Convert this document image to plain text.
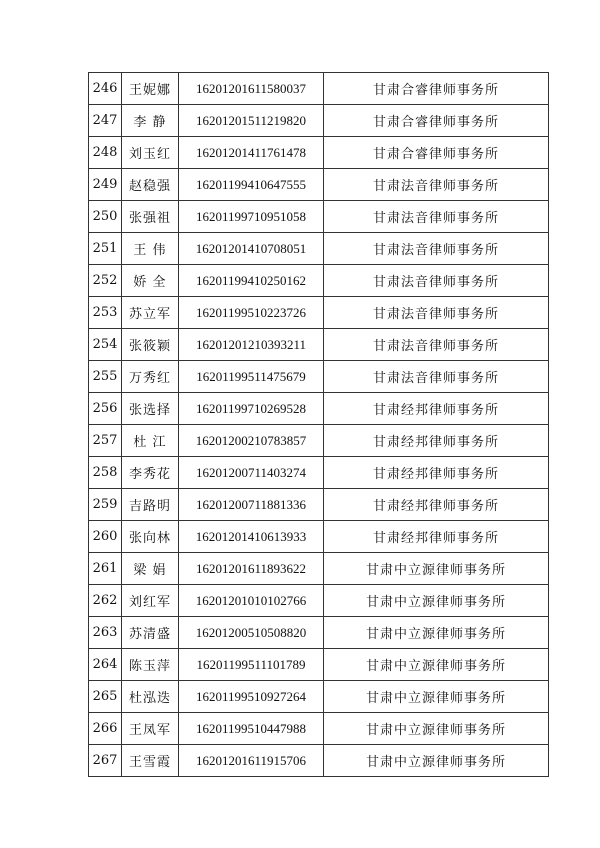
246	王妮娜	16201201611580037	甘肃合睿律师事务所
247	李 静	16201201511219820	甘肃合睿律师事务所
248	刘玉红	16201201411761478	甘肃合睿律师事务所
249	赵稳强	16201199410647555	甘肃法音律师事务所
250	张强祖	16201199710951058	甘肃法音律师事务所
251	王 伟	16201201410708051	甘肃法音律师事务所
252	娇 全	16201199410250162	甘肃法音律师事务所
253	苏立军	16201199510223726	甘肃法音律师事务所
254	张筱颖	16201201210393211	甘肃法音律师事务所
255	万秀红	16201199511475679	甘肃法音律师事务所
256	张选择	16201199710269528	甘肃经邦律师事务所
257	杜 江	16201200210783857	甘肃经邦律师事务所
258	李秀花	16201200711403274	甘肃经邦律师事务所
259	吉路明	16201200711881336	甘肃经邦律师事务所
260	张向林	16201201410613933	甘肃经邦律师事务所
261	梁 娟	16201201611893622	甘肃中立源律师事务所
262	刘红军	16201201010102766	甘肃中立源律师事务所
263	苏清盛	16201200510508820	甘肃中立源律师事务所
264	陈玉萍	16201199511101789	甘肃中立源律师事务所
265	杜泓迭	16201199510927264	甘肃中立源律师事务所
266	王凤军	16201199510447988	甘肃中立源律师事务所
267	王雪霞	16201201611915706	甘肃中立源律师事务所
